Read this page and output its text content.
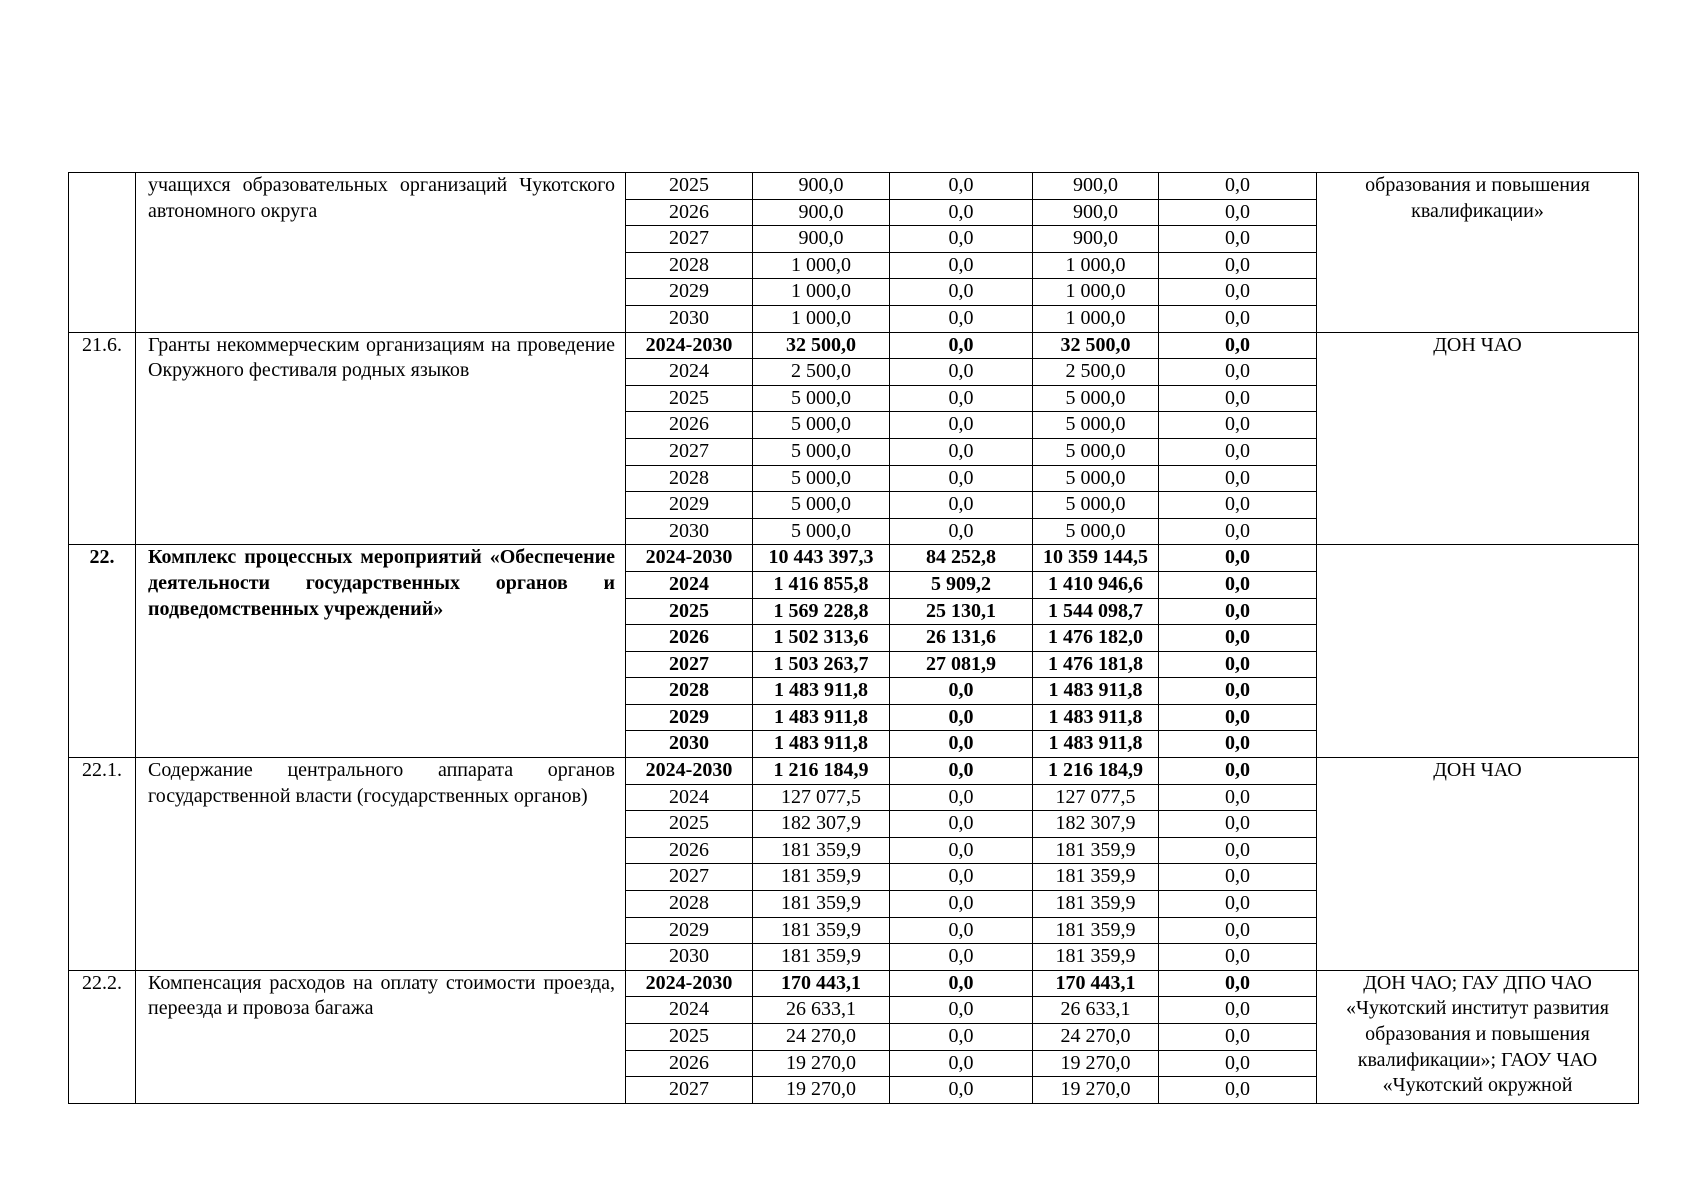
	учащихся образовательных организаций Чукотского автономного округа	2025	900,0	0,0	900,0	0,0	образования и повышения квалификации»
		2026	900,0	0,0	900,0	0,0	
		2027	900,0	0,0	900,0	0,0	
		2028	1 000,0	0,0	1 000,0	0,0	
		2029	1 000,0	0,0	1 000,0	0,0	
		2030	1 000,0	0,0	1 000,0	0,0	
21.6.	Гранты некоммерческим организациям на проведение Окружного фестиваля родных языков	2024-2030	32 500,0	0,0	32 500,0	0,0	ДОН ЧАО
		2024	2 500,0	0,0	2 500,0	0,0	
		2025	5 000,0	0,0	5 000,0	0,0	
		2026	5 000,0	0,0	5 000,0	0,0	
		2027	5 000,0	0,0	5 000,0	0,0	
		2028	5 000,0	0,0	5 000,0	0,0	
		2029	5 000,0	0,0	5 000,0	0,0	
		2030	5 000,0	0,0	5 000,0	0,0	
22.	Комплекс процессных мероприятий «Обеспечение деятельности государственных органов и подведомственных учреждений»	2024-2030	10 443 397,3	84 252,8	10 359 144,5	0,0	
		2024	1 416 855,8	5 909,2	1 410 946,6	0,0	
		2025	1 569 228,8	25 130,1	1 544 098,7	0,0	
		2026	1 502 313,6	26 131,6	1 476 182,0	0,0	
		2027	1 503 263,7	27 081,9	1 476 181,8	0,0	
		2028	1 483 911,8	0,0	1 483 911,8	0,0	
		2029	1 483 911,8	0,0	1 483 911,8	0,0	
		2030	1 483 911,8	0,0	1 483 911,8	0,0	
22.1.	Содержание центрального аппарата органов государственной власти (государственных органов)	2024-2030	1 216 184,9	0,0	1 216 184,9	0,0	ДОН ЧАО
		2024	127 077,5	0,0	127 077,5	0,0	
		2025	182 307,9	0,0	182 307,9	0,0	
		2026	181 359,9	0,0	181 359,9	0,0	
		2027	181 359,9	0,0	181 359,9	0,0	
		2028	181 359,9	0,0	181 359,9	0,0	
		2029	181 359,9	0,0	181 359,9	0,0	
		2030	181 359,9	0,0	181 359,9	0,0	
22.2.	Компенсация расходов на оплату стоимости проезда, переезда и провоза багажа	2024-2030	170 443,1	0,0	170 443,1	0,0	ДОН ЧАО; ГАУ ДПО ЧАО «Чукотский институт развития образования и повышения квалификации»; ГАОУ ЧАО «Чукотский окружной
		2024	26 633,1	0,0	26 633,1	0,0	
		2025	24 270,0	0,0	24 270,0	0,0	
		2026	19 270,0	0,0	19 270,0	0,0	
		2027	19 270,0	0,0	19 270,0	0,0	
